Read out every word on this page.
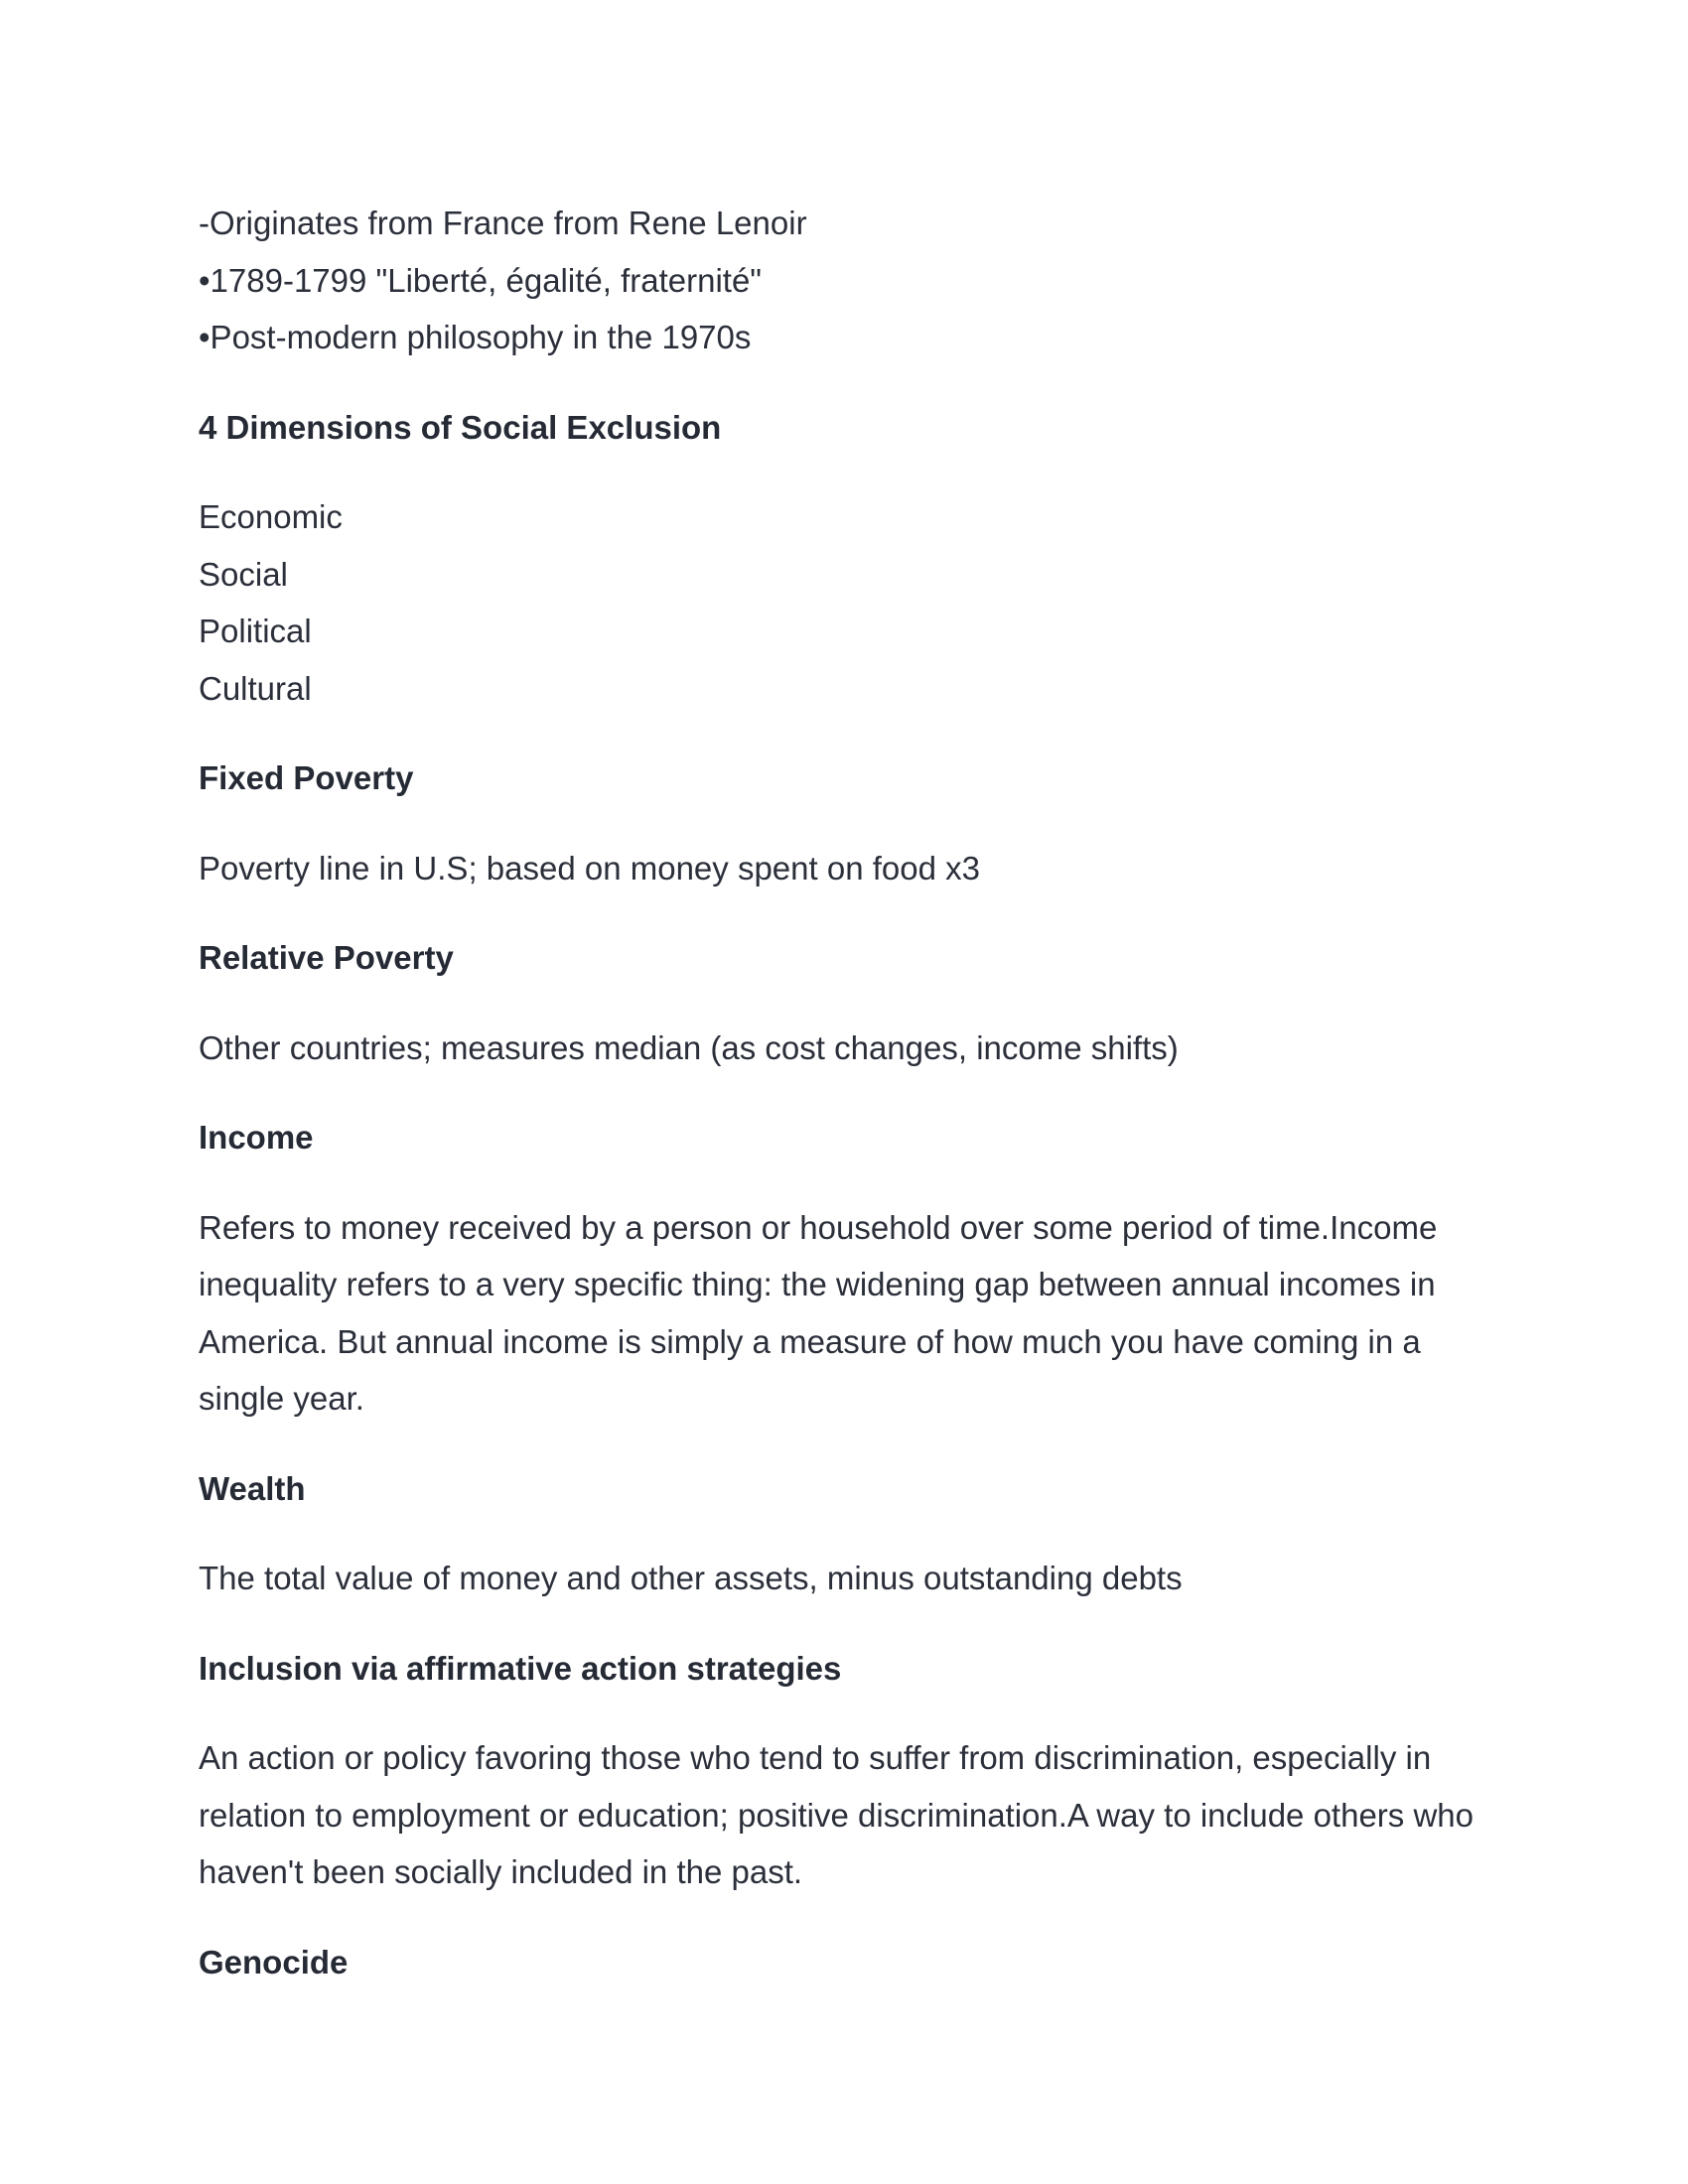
-Originates from France from Rene Lenoir

•1789-1799 "Liberté, égalité, fraternité"

•Post-modern philosophy in the 1970s

4 Dimensions of Social Exclusion

Economic

Social

Political

Cultural

Fixed Poverty

Poverty line in U.S; based on money spent on food x3

Relative Poverty

Other countries; measures median (as cost changes, income shifts)

Income

Refers to money received by a person or household over some period of time.Income

inequality refers to a very specific thing: the widening gap between annual incomes in

America. But annual income is simply a measure of how much you have coming in a

single year.

Wealth

The total value of money and other assets, minus outstanding debts

Inclusion via affirmative action strategies

An action or policy favoring those who tend to suffer from discrimination, especially in

relation to employment or education; positive discrimination.A way to include others who

haven't been socially included in the past.

Genocide
